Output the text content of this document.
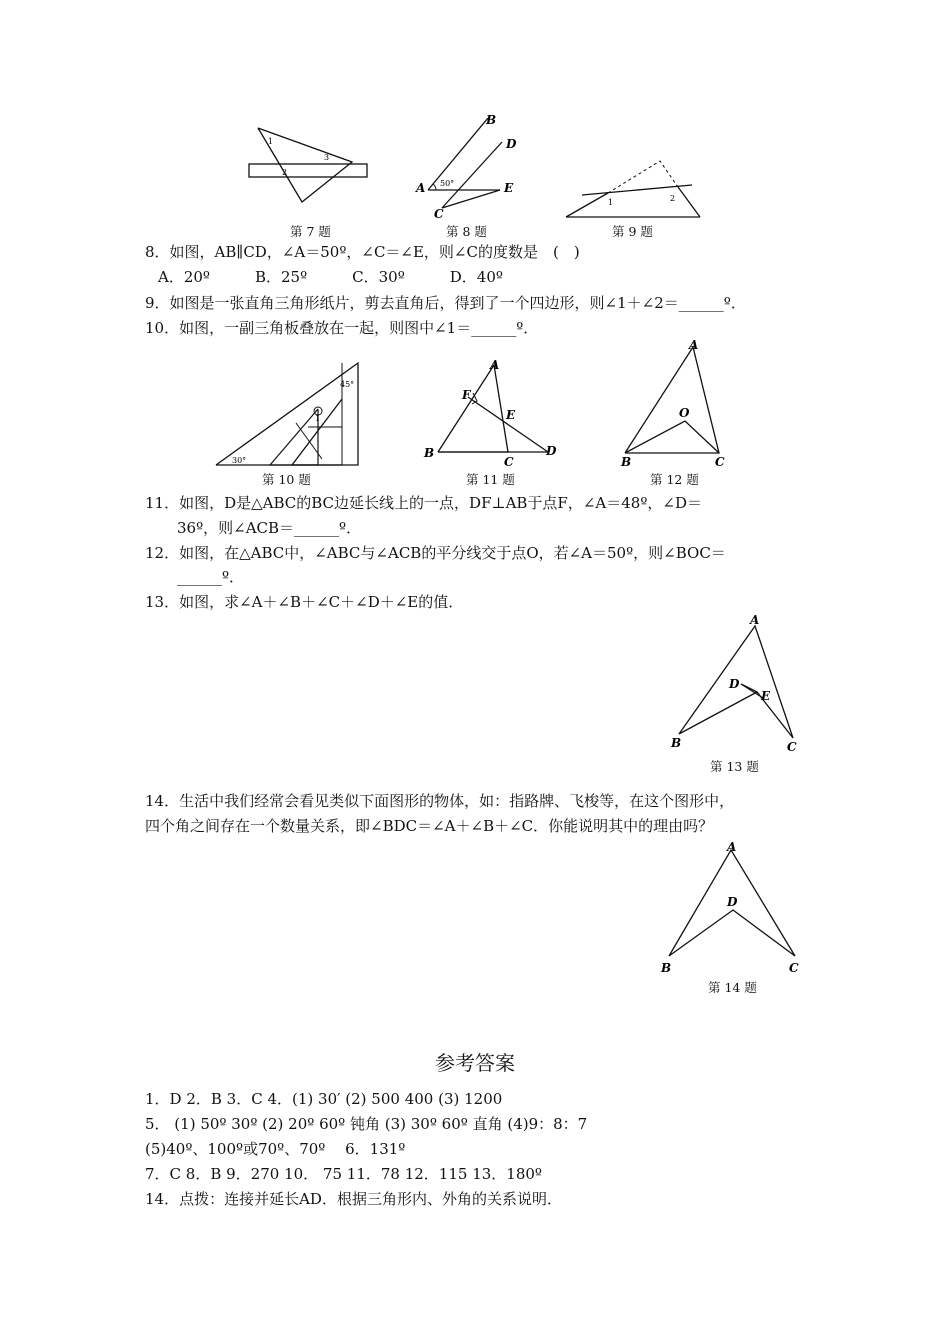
1
2
3
第 7 题
B
D
A 50°	E
C
第 8 题
1	2
第 9 题
8．如图，AB∥CD，∠A＝50º，∠C＝∠E，则∠C的度数是　(　)
A．20º　　　B．25º　　　C．30º　　　D．40º
9．如图是一张直角三角形纸片，剪去直角后，得到了一个四边形，则∠1＋∠2＝______º．
10．如图，一副三角板叠放在一起，则图中∠1＝______º．
45°
1
30°
第 10 题
A
F
E
B
C
D
第 11 题
A
O
B	C
第 12 题
11．如图，D是△ABC的BC边延长线上的一点，DF⊥AB于点F，∠A＝48º，∠D＝
36º，则∠ACB＝______º．
12．如图，在△ABC中，∠ABC与∠ACB的平分线交于点O，若∠A＝50º，则∠BOC＝
______º．
13．如图，求∠A＋∠B＋∠C＋∠D＋∠E的值．
A
D
E
B	C
第 13 题
14．生活中我们经常会看见类似下面图形的物体，如：指路牌、飞梭等，在这个图形中，
四个角之间存在一个数量关系，即∠BDC＝∠A＋∠B＋∠C．你能说明其中的理由吗？
A
D
B	C
第 14 题
参考答案
1．D 2．B 3．C 4．(1) 30′ (2) 500 400 (3) 1200
5． (1) 50º 30º (2) 20º 60º 钝角 (3) 30º 60º 直角 (4)9：8：7
(5)40º、100º或70º、70º　 6．131º
7．C 8．B 9．270 10． 75 11．78 12．115 13．180º
14．点拨：连接并延长AD．根据三角形内、外角的关系说明．
